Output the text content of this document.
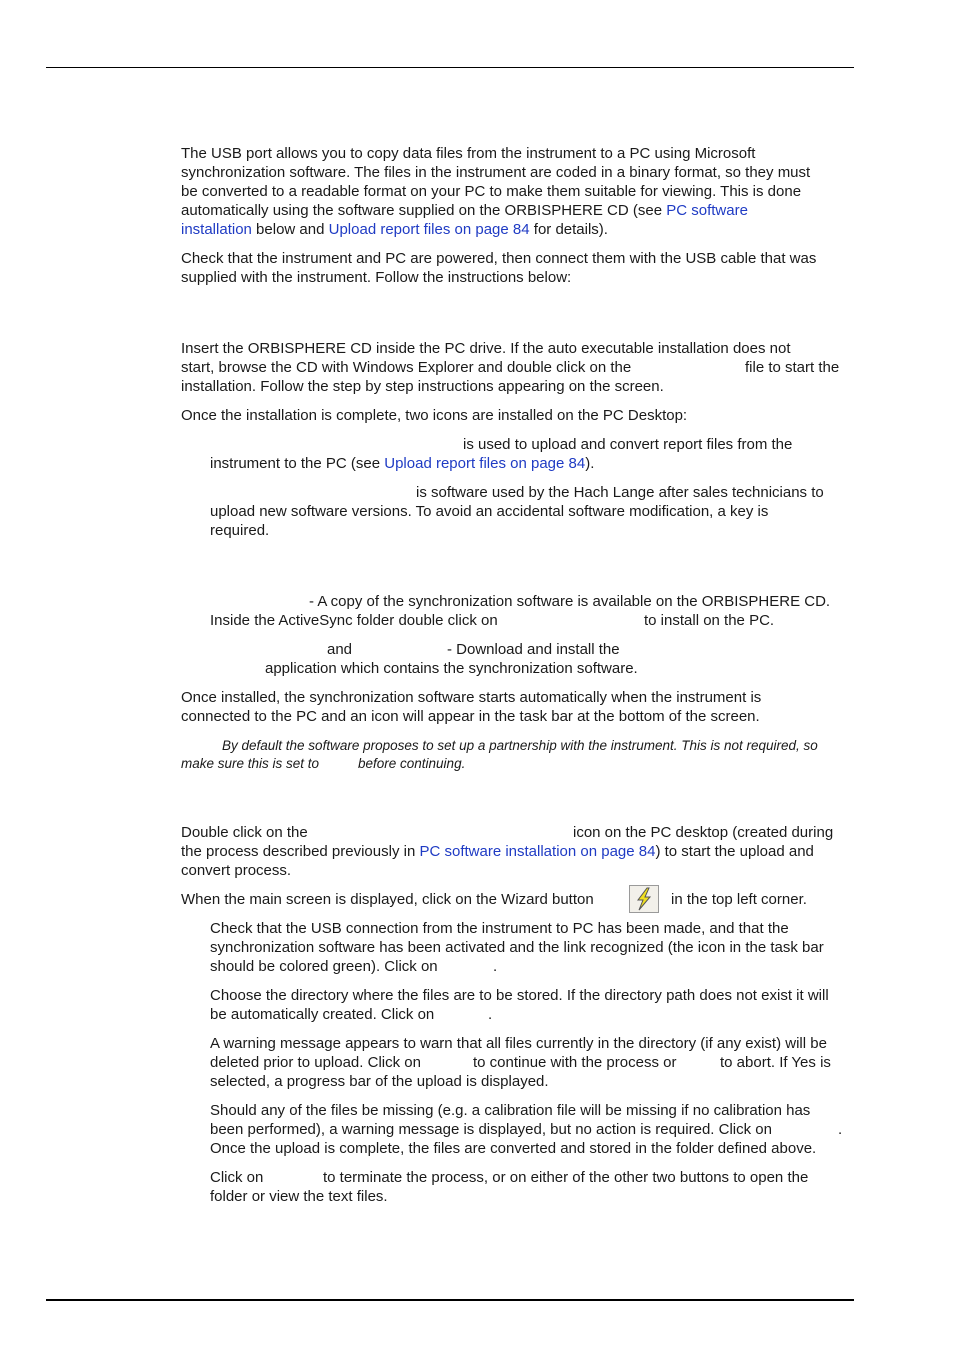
The USB port allows you to copy data files from the instrument to a PC using Microsoft
synchronization software. The files in the instrument are coded in a binary format, so they must
be converted to a readable format on your PC to make them suitable for viewing. This is done
automatically using the software supplied on the ORBISPHERE CD (see PC software
installation below and Upload report files on page 84 for details).
Check that the instrument and PC are powered, then connect them with the USB cable that was
supplied with the instrument. Follow the instructions below:
Insert the ORBISPHERE CD inside the PC drive. If the auto executable installation does not
start, browse the CD with Windows Explorer and double click on the	file to start the
installation. Follow the step by step instructions appearing on the screen.
Once the installation is complete, two icons are installed on the PC Desktop:
is used to upload and convert report files from the
instrument to the PC (see Upload report files on page 84).
is software used by the Hach Lange after sales technicians to
upload new software versions. To avoid an accidental software modification, a key is
required.
- A copy of the synchronization software is available on the ORBISPHERE CD.
Inside the ActiveSync folder double click on	to install on the PC.
and	- Download and install the
application which contains the synchronization software.
Once installed, the synchronization software starts automatically when the instrument is
connected to the PC and an icon will appear in the task bar at the bottom of the screen.
By default the software proposes to set up a partnership with the instrument. This is not required, so
make sure this is set to	before continuing.
Double click on the	icon on the PC desktop (created during
the process described previously in PC software installation on page 84) to start the upload and
convert process.
When the main screen is displayed, click on the Wizard button	in the top left corner.
Check that the USB connection from the instrument to PC has been made, and that the
synchronization software has been activated and the link recognized (the icon in the task bar
should be colored green). Click on	.
Choose the directory where the files are to be stored. If the directory path does not exist it will
be automatically created. Click on	.
A warning message appears to warn that all files currently in the directory (if any exist) will be
deleted prior to upload. Click on	to continue with the process or	to abort. If Yes is
selected, a progress bar of the upload is displayed.
Should any of the files be missing (e.g. a calibration file will be missing if no calibration has
been performed), a warning message is displayed, but no action is required. Click on	.
Once the upload is complete, the files are converted and stored in the folder defined above.
Click on	to terminate the process, or on either of the other two buttons to open the
folder or view the text files.
